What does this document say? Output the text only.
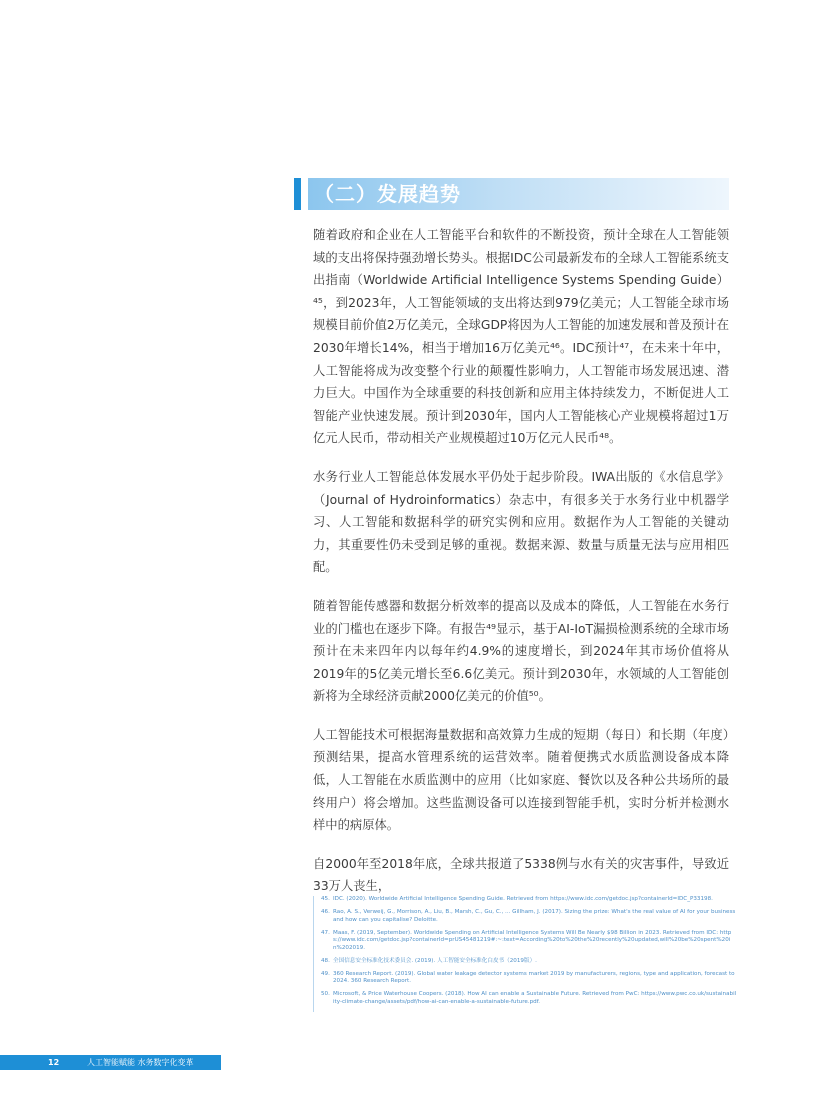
（二）发展趋势

随着政府和企业在人工智能平台和软件的不断投资，预计全球在人工智能领域的支出将保持强劲增长势头。根据IDC公司最新发布的全球人工智能系统支出指南（Worldwide Artificial Intelligence Systems Spending Guide）⁴⁵，到2023年，人工智能领域的支出将达到979亿美元；人工智能全球市场规模目前价值2万亿美元，全球GDP将因为人工智能的加速发展和普及预计在2030年增长14%，相当于增加16万亿美元⁴⁶。IDC预计⁴⁷，在未来十年中，人工智能将成为改变整个行业的颠覆性影响力，人工智能市场发展迅速、潜力巨大。中国作为全球重要的科技创新和应用主体持续发力，不断促进人工智能产业快速发展。预计到2030年，国内人工智能核心产业规模将超过1万亿元人民币，带动相关产业规模超过10万亿元人民币⁴⁸。

水务行业人工智能总体发展水平仍处于起步阶段。IWA出版的《水信息学》（Journal of Hydroinformatics）杂志中，有很多关于水务行业中机器学习、人工智能和数据科学的研究实例和应用。数据作为人工智能的关键动力，其重要性仍未受到足够的重视。数据来源、数量与质量无法与应用相匹配。

随着智能传感器和数据分析效率的提高以及成本的降低，人工智能在水务行业的门槛也在逐步下降。有报告⁴⁹显示，基于AI-IoT漏损检测系统的全球市场预计在未来四年内以每年约4.9%的速度增长，到2024年其市场价值将从2019年的5亿美元增长至6.6亿美元。预计到2030年，水领域的人工智能创新将为全球经济贡献2000亿美元的价值⁵⁰。

人工智能技术可根据海量数据和高效算力生成的短期（每日）和长期（年度）预测结果，提高水管理系统的运营效率。随着便携式水质监测设备成本降低，人工智能在水质监测中的应用（比如家庭、餐饮以及各种公共场所的最终用户）将会增加。这些监测设备可以连接到智能手机，实时分析并检测水样中的病原体。

自2000年至2018年底，全球共报道了5338例与水有关的灾害事件，导致近33万人丧生，

45. IDC. (2020). Worldwide Artificial Intelligence Spending Guide. Retrieved from https://www.idc.com/getdoc.jsp?containerId=IDC_P33198.
46. Rao, A. S., Verweij, G., Morrison, A., Liu, B., Marsh, C., Gu, C., ... Gillham, J. (2017). Sizing the prize: What's the real value of AI for your business and how can you capitalise? Deloitte.
47. Maas, F. (2019, September). Worldwide Spending on Artificial Intelligence Systems Will Be Nearly $98 Billion in 2023. Retrieved from IDC: https://www.idc.com/getdoc.jsp?containerId=prUS45481219#:~:text=According%20to%20the%20recently%20updated,will%20be%20spent%20in%202019.
48. 全国信息安全标准化技术委员会. (2019). 人工智能安全标准化白皮书（2019版）.
49. 360 Research Report. (2019). Global water leakage detector systems market 2019 by manufacturers, regions, type and application, forecast to 2024. 360 Research Report.
50. Microsoft, & Price Waterhouse Coopers. (2018). How AI can enable a Sustainable Future. Retrieved from PwC: https://www.pwc.co.uk/sustainability-climate-change/assets/pdf/how-ai-can-enable-a-sustainable-future.pdf.
12	人工智能赋能 水务数字化变革
